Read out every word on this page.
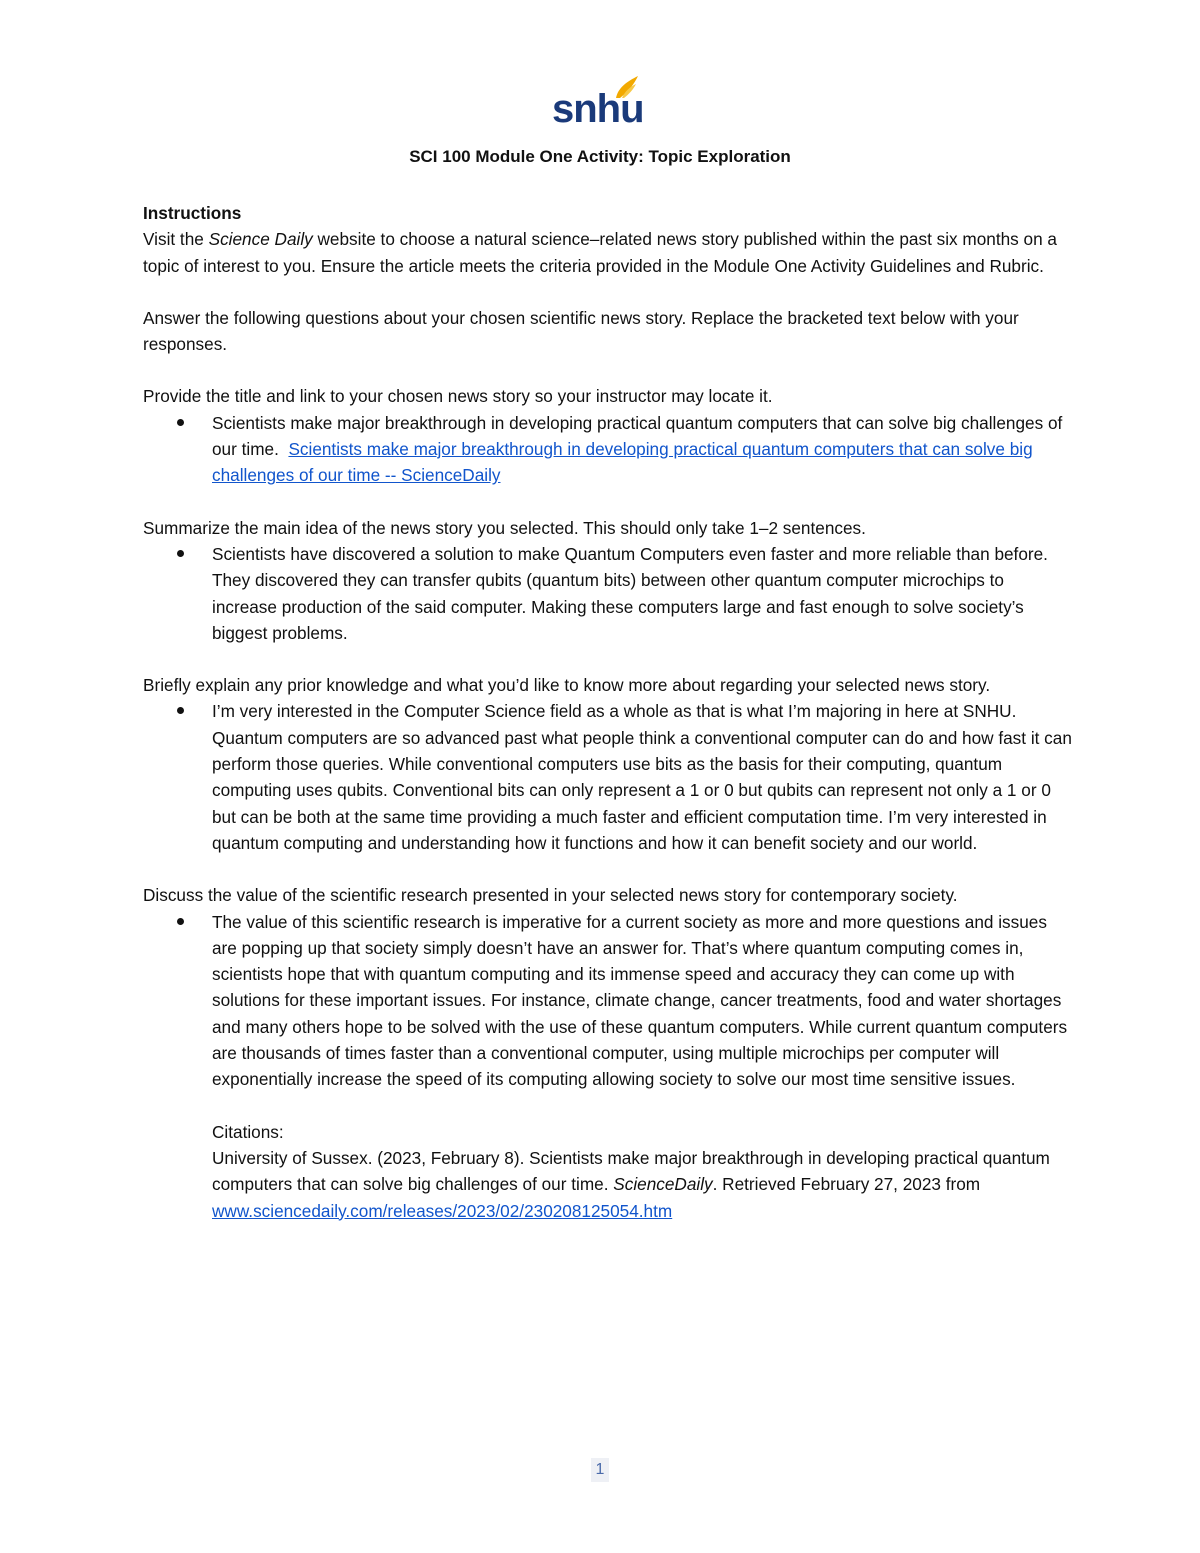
snhu
SCI 100 Module One Activity: Topic Exploration

Instructions

Visit the Science Daily website to choose a natural science–related news story published within the past six months on a topic of interest to you. Ensure the article meets the criteria provided in the Module One Activity Guidelines and Rubric.

Answer the following questions about your chosen scientific news story. Replace the bracketed text below with your responses.

Provide the title and link to your chosen news story so your instructor may locate it.

Scientists make major breakthrough in developing practical quantum computers that can solve big challenges of our time. Scientists make major breakthrough in developing practical quantum computers that can solve big challenges of our time -- ScienceDaily

Summarize the main idea of the news story you selected. This should only take 1–2 sentences.

Scientists have discovered a solution to make Quantum Computers even faster and more reliable than before. They discovered they can transfer qubits (quantum bits) between other quantum computer microchips to increase production of the said computer. Making these computers large and fast enough to solve society’s biggest problems.

Briefly explain any prior knowledge and what you’d like to know more about regarding your selected news story.

I’m very interested in the Computer Science field as a whole as that is what I’m majoring in here at SNHU. Quantum computers are so advanced past what people think a conventional computer can do and how fast it can perform those queries. While conventional computers use bits as the basis for their computing, quantum computing uses qubits. Conventional bits can only represent a 1 or 0 but qubits can represent not only a 1 or 0 but can be both at the same time providing a much faster and efficient computation time. I’m very interested in quantum computing and understanding how it functions and how it can benefit society and our world.

Discuss the value of the scientific research presented in your selected news story for contemporary society.

The value of this scientific research is imperative for a current society as more and more questions and issues are popping up that society simply doesn’t have an answer for. That’s where quantum computing comes in, scientists hope that with quantum computing and its immense speed and accuracy they can come up with solutions for these important issues. For instance, climate change, cancer treatments, food and water shortages and many others hope to be solved with the use of these quantum computers. While current quantum computers are thousands of times faster than a conventional computer, using multiple microchips per computer will exponentially increase the speed of its computing allowing society to solve our most time sensitive issues.

Citations:

University of Sussex. (2023, February 8). Scientists make major breakthrough in developing practical quantum computers that can solve big challenges of our time. ScienceDaily. Retrieved February 27, 2023 from www.sciencedaily.com/releases/2023/02/230208125054.htm

1
